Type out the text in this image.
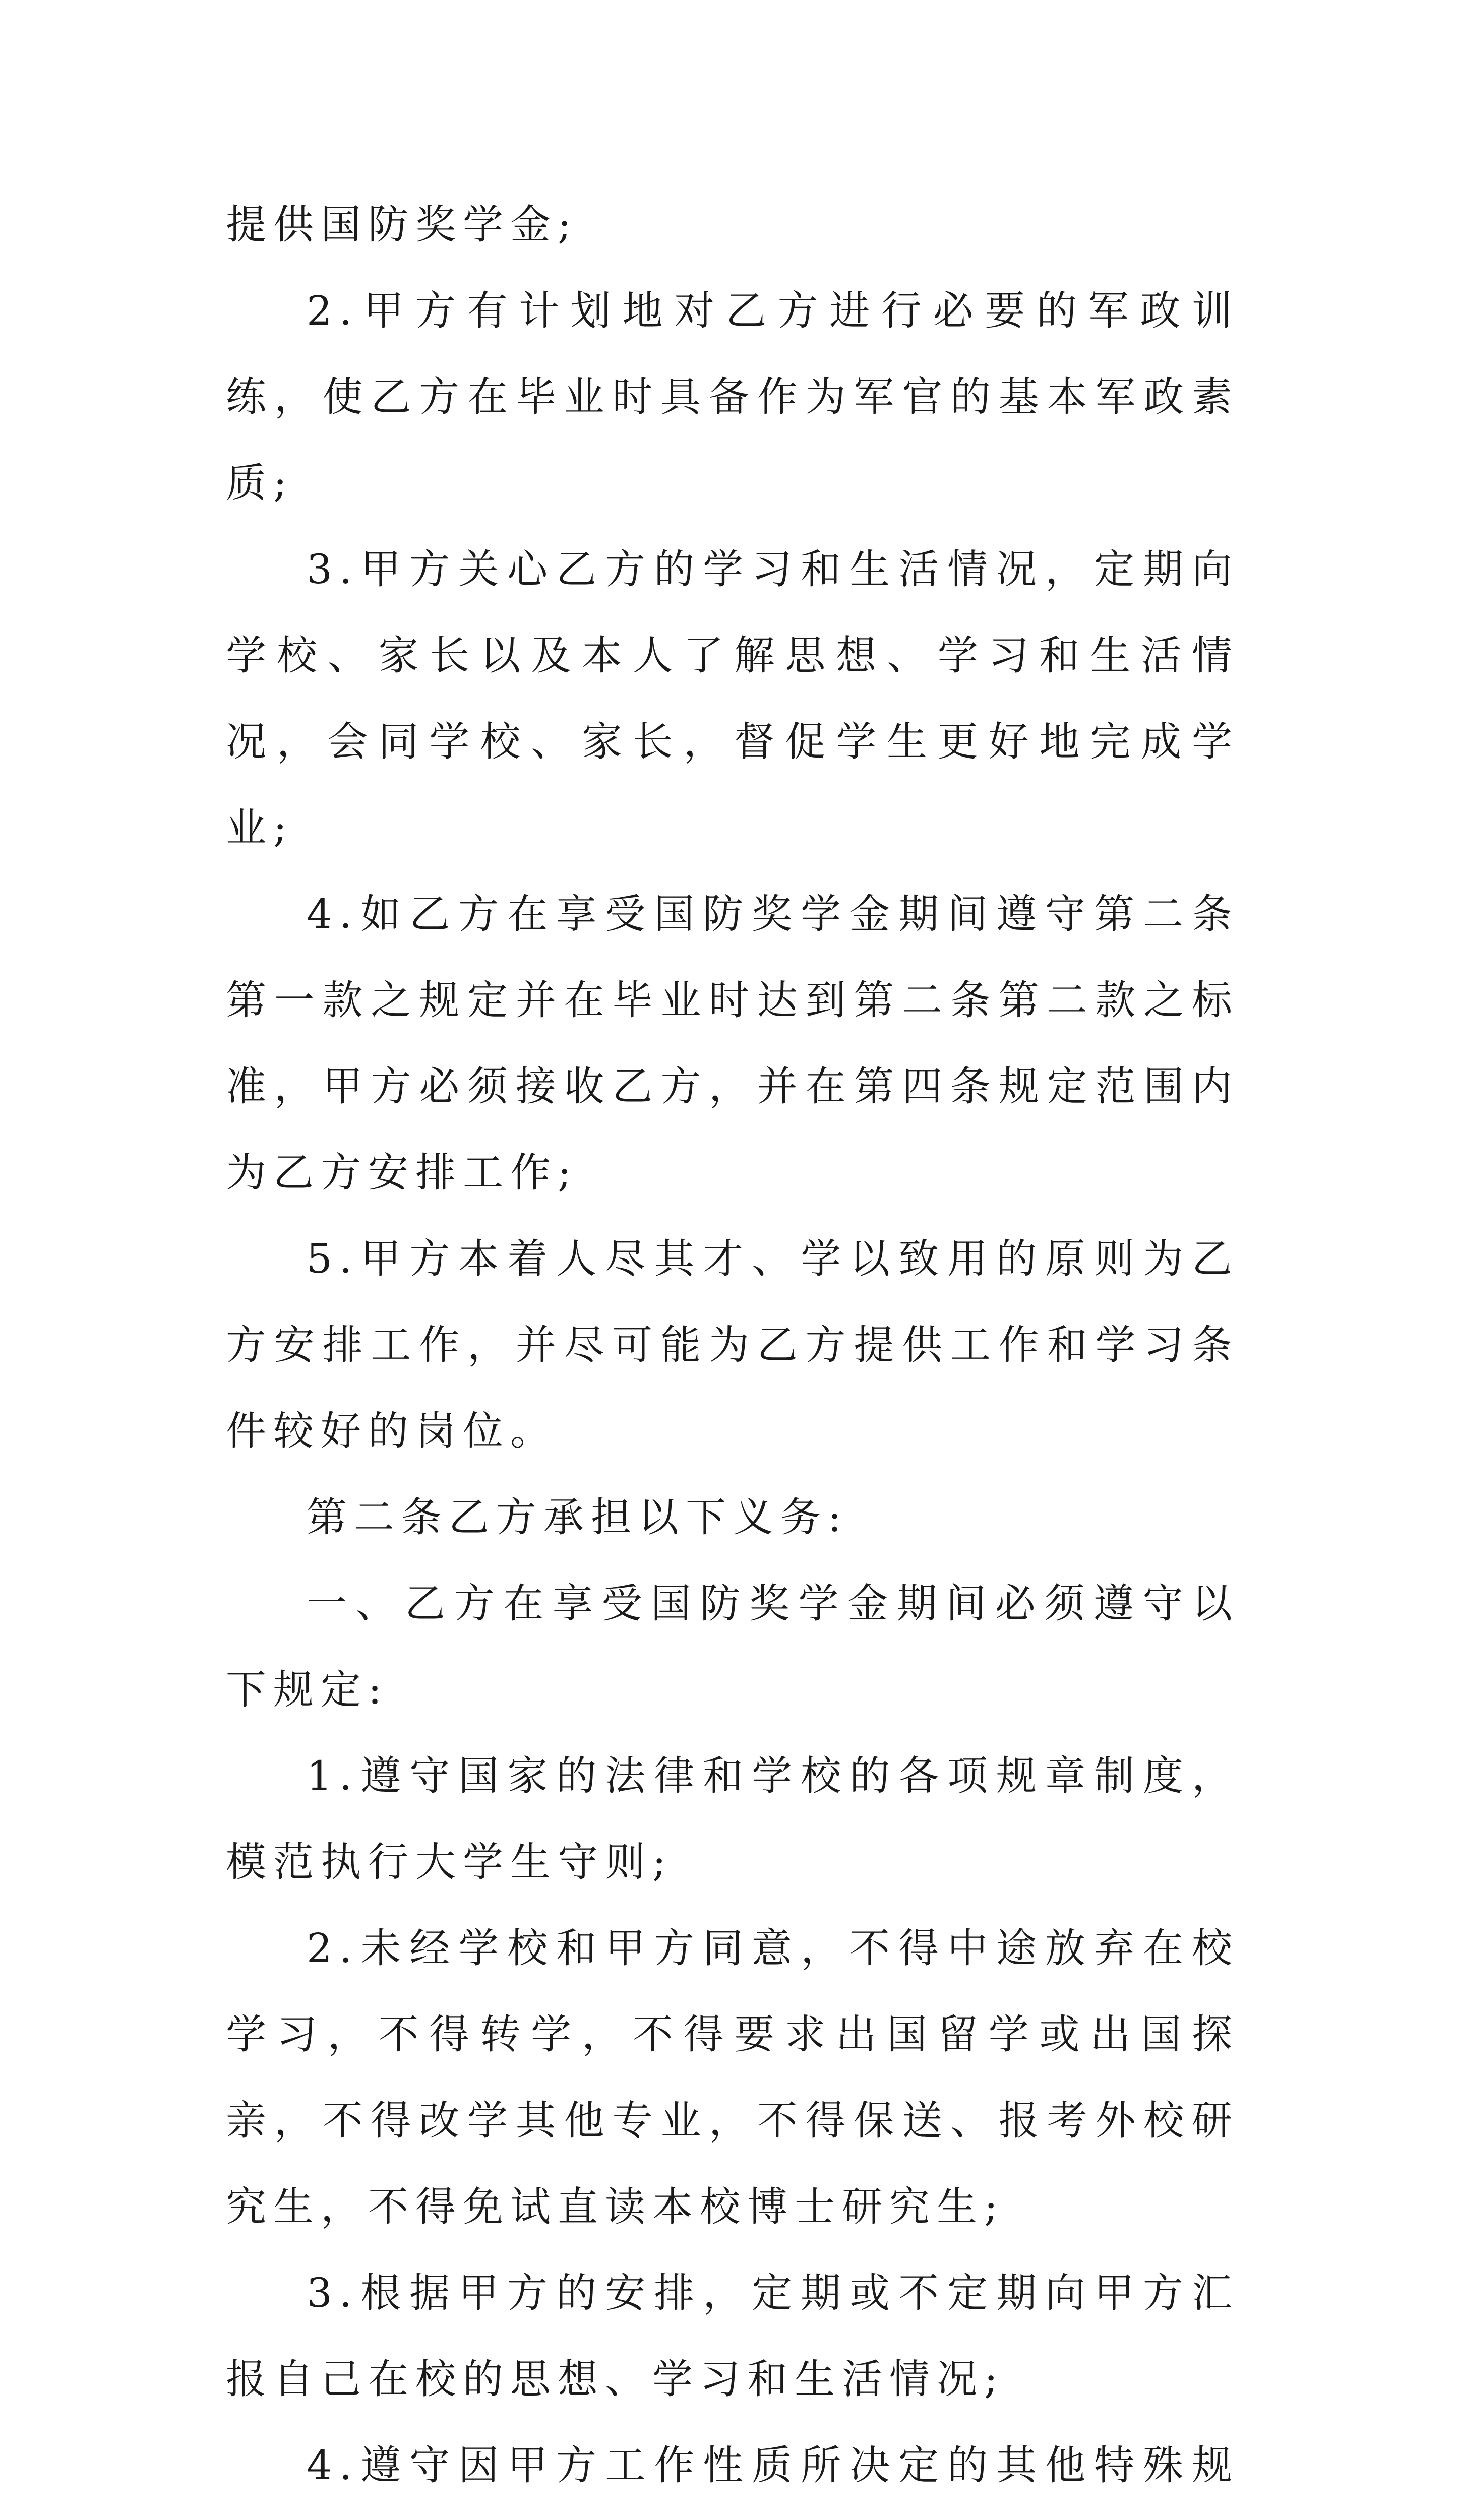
提供国防奖学金;

2.甲方有计划地对乙方进行必要的军政训练，使乙方在毕业时具备作为军官的基本军政素质;

3.甲方关心乙方的学习和生活情况，定期向学校、家长以及本人了解思想、学习和生活情况，会同学校、家长，督促学生更好地完成学业;

4.如乙方在享受国防奖学金期间遵守第二条第一款之规定并在毕业时达到第二条第二款之标准，甲方必须接收乙方，并在第四条规定范围内为乙方安排工作;

5.甲方本着人尽其才、学以致用的原则为乙方安排工作，并尽可能为乙方提供工作和学习条件较好的岗位。

第二条乙方承担以下义务:

一、乙方在享受国防奖学金期间必须遵守以下规定:

1.遵守国家的法律和学校的各项规章制度，模范执行大学生守则;

2.未经学校和甲方同意，不得中途放弃在校学习，不得转学，不得要求出国留学或出国探亲，不得改学其他专业，不得保送、报考外校研究生，不得免试直读本校博士研究生;

3.根据甲方的安排，定期或不定期向甲方汇报自己在校的思想、学习和生活情况;

4.遵守因甲方工作性质所决定的其他特殊规
